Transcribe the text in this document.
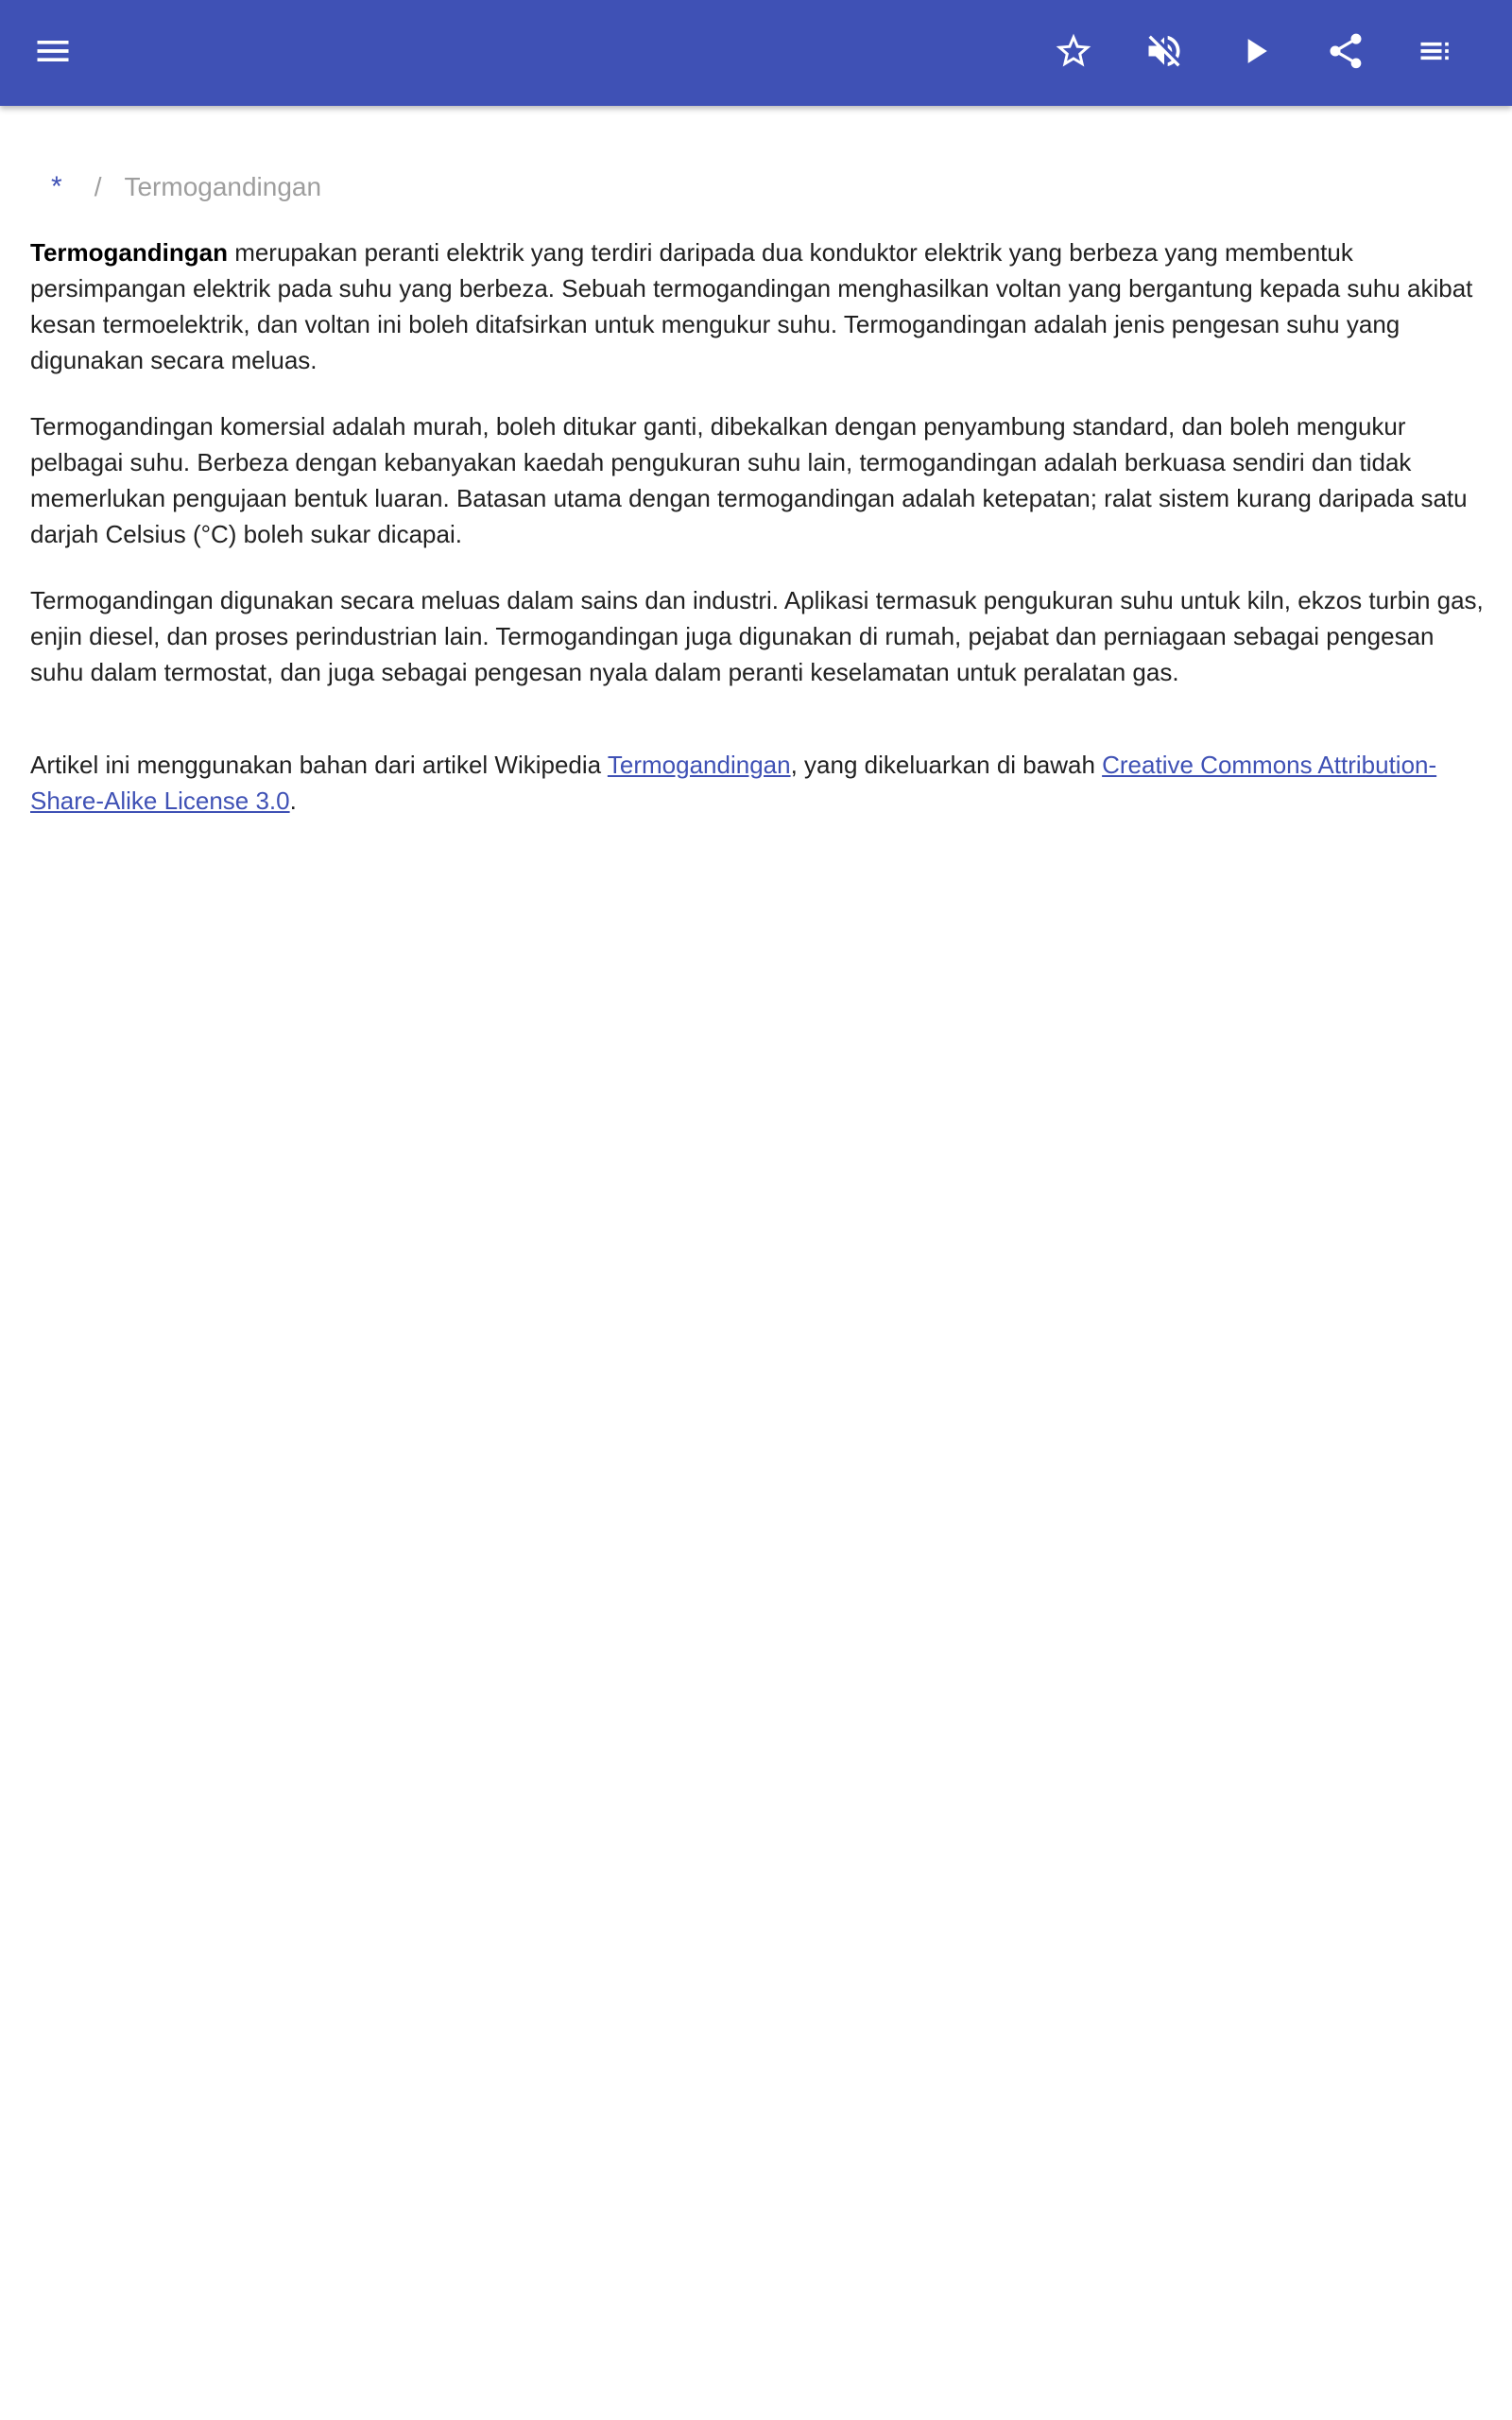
* / Termogandingan

Termogandingan merupakan peranti elektrik yang terdiri daripada dua konduktor elektrik yang berbeza yang membentuk persimpangan elektrik pada suhu yang berbeza. Sebuah termogandingan menghasilkan voltan yang bergantung kepada suhu akibat kesan termoelektrik, dan voltan ini boleh ditafsirkan untuk mengukur suhu. Termogandingan adalah jenis pengesan suhu yang digunakan secara meluas.

Termogandingan komersial adalah murah, boleh ditukar ganti, dibekalkan dengan penyambung standard, dan boleh mengukur pelbagai suhu. Berbeza dengan kebanyakan kaedah pengukuran suhu lain, termogandingan adalah berkuasa sendiri dan tidak memerlukan pengujaan bentuk luaran. Batasan utama dengan termogandingan adalah ketepatan; ralat sistem kurang daripada satu darjah Celsius (°C) boleh sukar dicapai.

Termogandingan digunakan secara meluas dalam sains dan industri. Aplikasi termasuk pengukuran suhu untuk kiln, ekzos turbin gas, enjin diesel, dan proses perindustrian lain. Termogandingan juga digunakan di rumah, pejabat dan perniagaan sebagai pengesan suhu dalam termostat, dan juga sebagai pengesan nyala dalam peranti keselamatan untuk peralatan gas.

Artikel ini menggunakan bahan dari artikel Wikipedia Termogandingan, yang dikeluarkan di bawah Creative Commons Attribution-Share-Alike License 3.0.
